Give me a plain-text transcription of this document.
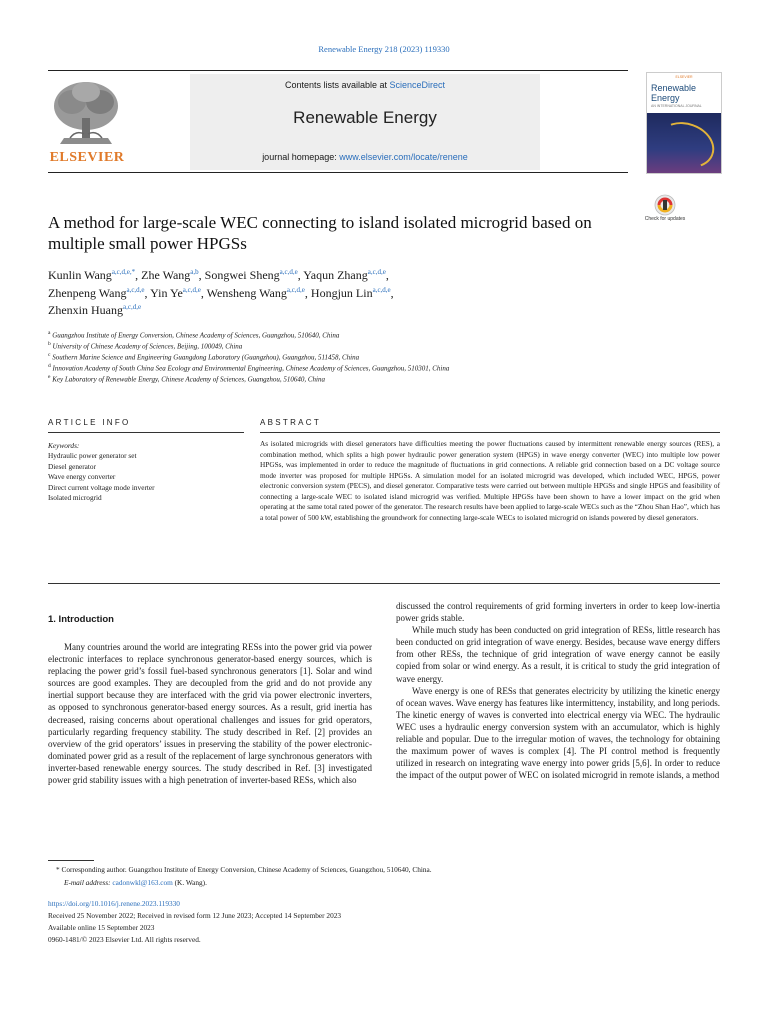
Renewable Energy 218 (2023) 119330
ELSEVIER
Contents lists available at ScienceDirect
Renewable Energy
journal homepage: www.elsevier.com/locate/renene
ELSEVIER
Renewable Energy
AN INTERNATIONAL JOURNAL
A method for large-scale WEC connecting to island isolated microgrid based on multiple small power HPGSs
Check for updates
Kunlin Wang$^{a,c,d,e,*}$, Zhe Wang$^{a,b}$, Songwei Sheng$^{a,c,d,e}$, Yaqun Zhang$^{a,c,d,e}$,
Zhenpeng Wang$^{a,c,d,e}$, Yin Ye$^{a,c,d,e}$, Wensheng Wang$^{a,c,d,e}$, Hongjun Lin$^{a,c,d,e}$,
Zhenxin Huang$^{a,c,d,e}$
$^a$ Guangzhou Institute of Energy Conversion, Chinese Academy of Sciences, Guangzhou, 510640, China
$^b$ University of Chinese Academy of Sciences, Beijing, 100049, China
$^c$ Southern Marine Science and Engineering Guangdong Laboratory (Guangzhou), Guangzhou, 511458, China
$^d$ Innovation Academy of South China Sea Ecology and Environmental Engineering, Chinese Academy of Sciences, Guangzhou, 510301, China
$^e$ Key Laboratory of Renewable Energy, Chinese Academy of Sciences, Guangzhou, 510640, China
ARTICLE INFO
Keywords:
Hydraulic power generator set
Diesel generator
Wave energy converter
Direct current voltage mode inverter
Isolated microgrid
ABSTRACT
As isolated microgrids with diesel generators have difficulties meeting the power fluctuations caused by intermittent renewable energy sources (RES), a combination method, which splits a high power hydraulic power generation system (HPGS) in wave energy converter (WEC) into multiple low power HPGSs, was implemented in order to reduce the magnitude of fluctuations in grid connections. A reliable grid connection based on a DC voltage source mode inverter was proposed for multiple HPGSs. A simulation model for an isolated microgrid was developed, which included WEC, HPGS, power electronic conversion system (PECS), and diesel generator. Comparative tests were carried out between multiple HPGSs and single HPGS and feasibility of connecting a large-scale WEC to isolated island microgrid was verified. Multiple HPGSs have been shown to have a lower impact on the grid when operating at the same total rated power of the generator. The research results have been applied to large-scale WECs such as the “Zhou Shan Hao”, which has a total power of 500 kW, establishing the groundwork for connecting large-scale WECs to isolated microgrid on islands powered by diesel generators.
1. Introduction

Many countries around the world are integrating RESs into the power grid via power electronic interfaces to replace synchronous generator-based energy sources, which is replacing the power grid’s fossil fuel-based synchronous generators [1]. Solar and wind sources are good examples. They are decoupled from the grid and do not provide any inertial support because they are interfaced with the grid via power electronic inverters, as opposed to synchronous generator-based energy sources. As a result, grid inertia has decreased, raising concerns about operational challenges and issues for grid operators, particularly regarding frequency stability. The study described in Ref. [2] provides an overview of the grid operators’ issues in preserving the stability of the power electronic-dominated power grid as a result of the replacement of large synchronous generators with inverter-based renewable energy sources. The study described in Ref. [3] investigated power grid stability issues with a high penetration of inverter-based RESs, which also

discussed the control requirements of grid forming inverters in order to keep low-inertia power grids stable.

While much study has been conducted on grid integration of RESs, little research has been conducted on grid integration of wave energy. Besides, because wave energy differs from other RESs, the technique of grid integration of wave energy cannot be easily copied from solar or wind energy. As a result, it is critical to study the grid integration of wave energy.

Wave energy is one of RESs that generates electricity by utilizing the kinetic energy of ocean waves. Wave energy has features like intermittency, instability, and long periods. The kinetic energy of waves is converted into electrical energy via WEC. The hydraulic WEC uses a hydraulic energy conversion system with an accumulator, which is highly reliable and popular. Due to the irregular motion of waves, the technology for obtaining the maximum power of waves is complex [4]. The PI control method is frequently utilized in research on integrating wave energy into power grids [5,6]. In order to reduce the impact of the output power of WEC on isolated microgrid in remote islands, a method

* Corresponding author. Guangzhou Institute of Energy Conversion, Chinese Academy of Sciences, Guangzhou, 510640, China.
E-mail address: cadonwkl@163.com (K. Wang).
https://doi.org/10.1016/j.renene.2023.119330
Received 25 November 2022; Received in revised form 12 June 2023; Accepted 14 September 2023
Available online 15 September 2023
0960-1481/© 2023 Elsevier Ltd. All rights reserved.
